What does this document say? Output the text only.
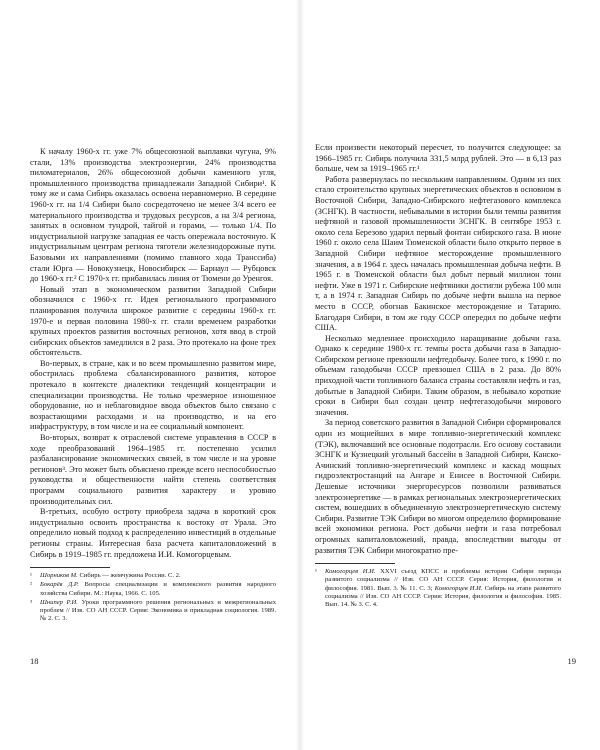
К началу 1960-х гг. уже 7% общесоюзной выплавки чугуна, 9% стали, 13% производства электроэнергии, 24% производства пиломатериалов, 26% общесоюзной добычи каменного угля, промышленного производства принадлежали Западной Сибири¹. К тому же и сама Сибирь оказалась освоена неравномерно. В середине 1960-х гг. на 1/4 Сибири было сосредоточено не менее 3/4 всего ее материального производства и трудовых ресурсов, а на 3/4 региона, занятых в основном тундрой, тайгой и горами, — только 1/4. По индустриальной нагрузке западная ее часть опережала восточную. К индустриальным центрам региона тяготели железнодорожные пути. Базовыми их направлениями (помимо главного хода Транссиба) стали Юрга — Новокузнецк, Новосибирск — Барнаул — Рубцовск до 1960-х гг.² С 1970-х гг. прибавилась линия от Тюмени до Уренгоя.

Новый этап в экономическом развитии Западной Сибири обозначился с 1960-х гг. Идея регионального программного планирования получила широкое развитие с середины 1960-х гг. 1970-е и первая половина 1980-х гг. стали временем разработки крупных проектов развития восточных регионов, хотя ввод в строй сибирских объектов замедлился в 2 раза. Это протекало на фоне трех обстоятельств.

Во-первых, в стране, как и во всем промышленно развитом мире, обострилась проблема сбалансированного развития, которое протекало в контексте диалектики тенденций концентрации и специализации производства. Не только чрезмерное изношенное оборудование, но и неблаговидное ввода объектов было связано с возрастающими расходами и на производство, и на его инфраструктуру, в том числе и на ее социальный компонент.

Во-вторых, возврат к отраслевой системе управления в СССР в ходе преобразований 1964–1985 гг. постепенно усилил разбалансирование экономических связей, в том числе и на уровне регионов³. Это может быть объяснено прежде всего неспособностью руководства и общественности найти степень соответствия программ социального развития характеру и уровню производительных сил.

В-третьих, особую остроту приобрела задача в короткий срок индустриально освоить пространства к востоку от Урала. Это определило новый подход к распределению инвестиций в отдельные регионы страны. Интересная база расчета капиталовложений в Сибирь в 1919–1985 гг. предложена И.И. Комогорцевым.

¹ Шорников М. Сибирь — жемчужина России. С. 2.

² Бокарёв Д.Р. Вопросы специализации и комплексного развития народного хозяйства Сибири. М.: Наука, 1966. С. 105.

³ Шнипер Р.И. Уроки программного решения региональных и межрегиональных проблем // Изв. СО АН СССР. Серия: Экономика и прикладная социология. 1989. № 2. С. 3.

18

Если произвести некоторый пересчет, то получится следующее: за 1966–1985 гг. Сибирь получила 331,5 млрд рублей. Это — в 6,13 раз больше, чем за 1919–1965 гг.¹

Работа развернулась по нескольким направлениям. Одним из них стало строительство крупных энергетических объектов в основном в Восточной Сибири, Западно-Сибирского нефтегазового комплекса (ЗСНГК). В частности, небывалыми в истории были темпы развития нефтяной и газовой промышленности ЗСНГК. В сентябре 1953 г. около села Березово ударил первый фонтан сибирского газа. В июне 1960 г. около села Шаим Тюменской области было открыто первое в Западной Сибири нефтяное месторождение промышленного значения, а в 1964 г. здесь началась промышленная добыча нефти. В 1965 г. в Тюменской области был добыт первый миллион тонн нефти. Уже в 1971 г. Сибирские нефтяники достигли рубежа 100 млн т, а в 1974 г. Западная Сибирь по добыче нефти вышла на первое место в СССР, обогнав Бакинское месторождение и Татарию. Благодаря Сибири, в том же году СССР опередил по добыче нефти США.

Несколько медленнее происходило наращивание добычи газа. Однако к середине 1980-х гг. темпы роста добычи газа в Западно-Сибирском регионе превзошли нефтедобычу. Более того, к 1990 г. по объемам газодобычи СССР превзошел США в 2 раза. До 80% приходной части топливного баланса страны составляли нефть и газ, добытые в Западной Сибири. Таким образом, в небывало короткие сроки в Сибири был создан центр нефтегазодобычи мирового значения.

За период советского развития в Западной Сибири сформировался один из мощнейших в мире топливно-энергетический комплекс (ТЭК), включавший все основные подотрасли. Его основу составили ЗСНГК и Кузнецкий угольный бассейн в Западной Сибири, Канско-Ачинский топливно-энергетический комплекс и каскад мощных гидроэлектростанций на Ангаре и Енисее в Восточной Сибири. Дешевые источники энергоресурсов позволили развиваться электроэнергетике — в рамках региональных электроэнергетических систем, вошедших в объединенную электроэнергетическую систему Сибири. Развитие ТЭК Сибири во многом определило формирование всей экономики региона. Рост добычи нефти и газа потребовал огромных капиталовложений, правда, впоследствии выгоды от развития ТЭК Сибири многократно пре-

¹ Комогорцев И.И. XXVI съезд КПСС и проблемы истории Сибири периода развитого социализма // Изв. СО АН СССР. Серия: История, филология и философия. 1981. Вып. 3. № 11. С. 3; Комогорцев И.И. Сибирь на этапе развитого социализма // Изв. СО АН СССР. Серия: История, филология и философия. 1985. Вып. 14. № 3. С. 4.

19
